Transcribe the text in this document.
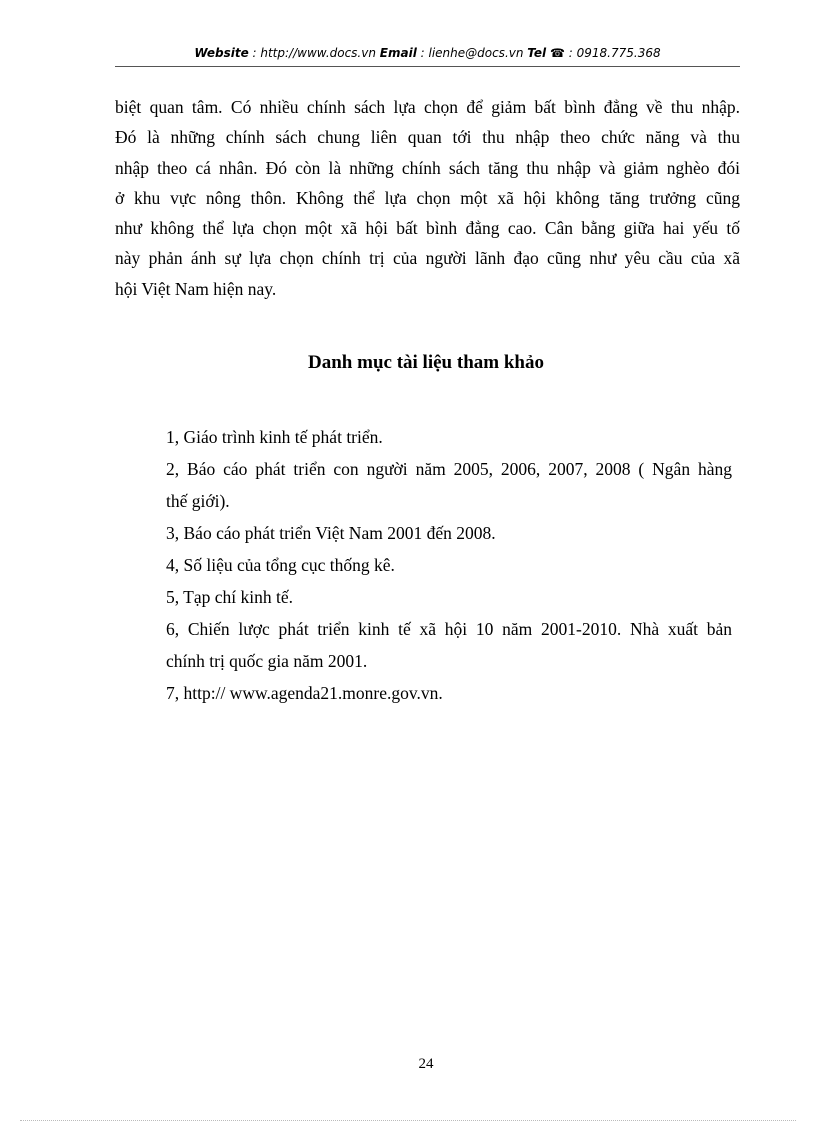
Website : http://www.docs.vn Email : lienhe@docs.vn Tel ☎ : 0918.775.368
biệt quan tâm. Có nhiều chính sách lựa chọn để giảm bất bình đẳng về thu nhập.
Đó là những chính sách chung liên quan tới thu nhập theo chức năng và thu
nhập theo cá nhân. Đó còn là những chính sách tăng thu nhập và giảm nghèo đói
ở khu vực nông thôn. Không thể lựa chọn một xã hội không tăng trưởng cũng
như không thể lựa chọn một xã hội bất bình đẳng cao. Cân bằng giữa hai yếu tố
này phản ánh sự lựa chọn chính trị của người lãnh đạo cũng như yêu cầu của xã
hội Việt Nam hiện nay.
Danh mục tài liệu tham khảo
1, Giáo trình kinh tế phát triển.
2, Báo cáo phát triển con người năm 2005, 2006, 2007, 2008 ( Ngân hàng
thế giới).
3, Báo cáo phát triển Việt Nam 2001 đến 2008.
4, Số liệu của tổng cục thống kê.
5, Tạp chí kinh tế.
6, Chiến lược phát triển kinh tế xã hội 10 năm 2001-2010. Nhà xuất bản
chính trị quốc gia năm 2001.
7, http:// www.agenda21.monre.gov.vn.
24
